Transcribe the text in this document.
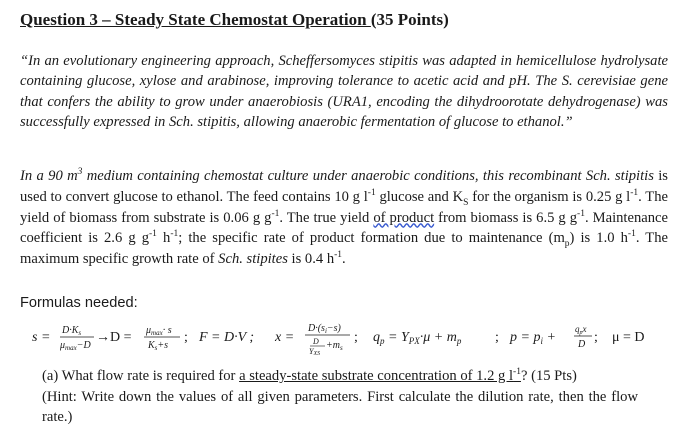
Question 3 – Steady State Chemostat Operation (35 Points)
“In an evolutionary engineering approach, Scheffersomyces stipitis was adapted in hemicellulose hydrolysate containing glucose, xylose and arabinose, improving tolerance to acetic acid and pH. The S. cerevisiae gene that confers the ability to grow under anaerobiosis (URA1, encoding the dihydroorotate dehydrogenase) was successfully expressed in Sch. stipitis, allowing anaerobic fermentation of glucose to ethanol.”
In a 90 $m^3$ medium containing chemostat culture under anaerobic conditions, this recombinant Sch. stipitis is used to convert glucose to ethanol. The feed contains 10 g $l^{-1}$ glucose and $K_S$ for the organism is 0.25 g $l^{-1}$. The yield of biomass from substrate is 0.06 g $g^{-1}$. The true yield of product from biomass is 6.5 g $g^{-1}$. Maintenance coefficient is 2.6 g $g^{-1}$ $h^{-1}$; the specific rate of product formation due to maintenance $(m_p)$ is 1.0 $h^{-1}$. The maximum specific growth rate of Sch. stipites is 0.4 $h^{-1}$.
Formulas needed:
$s = D\cdot K_s$
$\mu_{max}-D$
$\to D = \mu_{max}\cdot s$
$K_s+s$
; F = D·V ; x =
$D\cdot(s_i-s)$
D
YXS
$+m_s$
; $q_p = Y_{PX}\cdot\mu + m_p$ ; $p = p_i$ +
$q_px$
D ; μ = D
(a) What flow rate is required for a steady-state substrate concentration of 1.2 g $l^{-1}$? (15 Pts)
(Hint: Write down the values of all given parameters. First calculate the dilution rate, then the flow rate.)
